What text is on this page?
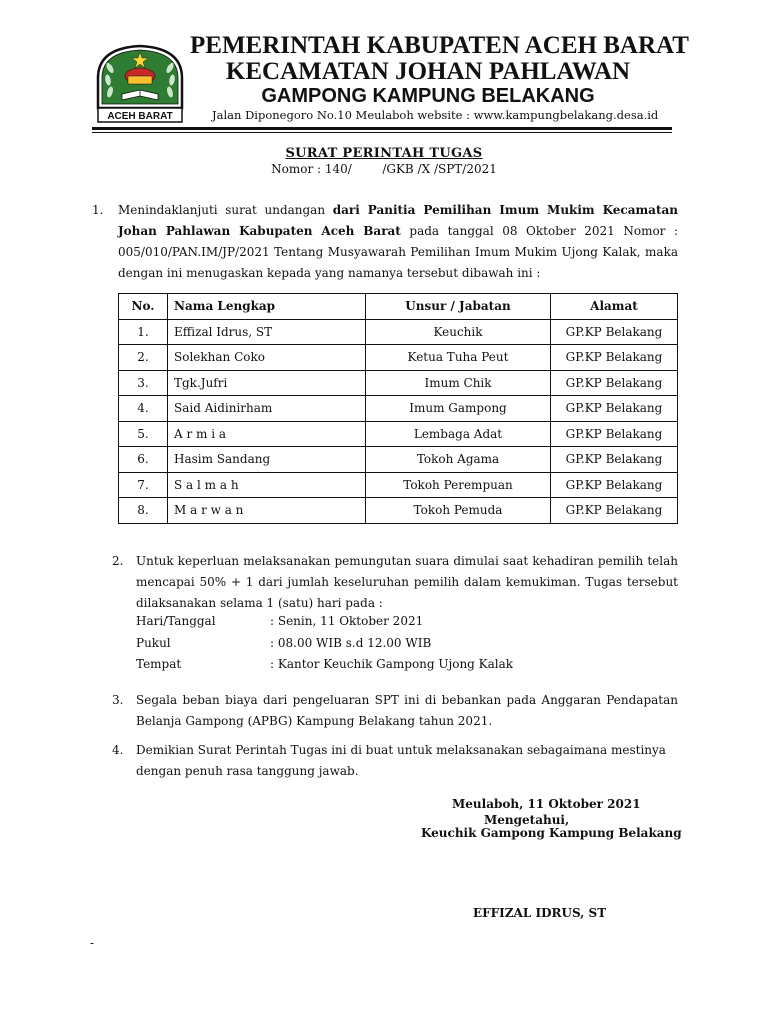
ACEH BARAT
PEMERINTAH KABUPATEN ACEH BARAT
KECAMATAN JOHAN PAHLAWAN
GAMPONG KAMPUNG BELAKANG
Jalan Diponegoro No.10 Meulaboh website : www.kampungbelakang.desa.id
SURAT PERINTAH TUGAS
Nomor : 140/        /GKB /X /SPT/2021
1. Menindaklanjuti surat undangan dari Panitia Pemilihan Imum Mukim Kecamatan Johan Pahlawan Kabupaten Aceh Barat pada tanggal 08 Oktober 2021 Nomor : 005/010/PAN.IM/JP/2021 Tentang Musyawarah Pemilihan Imum Mukim Ujong Kalak, maka dengan ini menugaskan kepada yang namanya tersebut dibawah ini :
No.	Nama Lengkap	Unsur / Jabatan	Alamat
1.	Effizal Idrus, ST	Keuchik	GP.KP Belakang
2.	Solekhan Coko	Ketua Tuha Peut	GP.KP Belakang
3.	Tgk.Jufri	Imum Chik	GP.KP Belakang
4.	Said Aidinirham	Imum Gampong	GP.KP Belakang
5.	A r m i a	Lembaga Adat	GP.KP Belakang
6.	Hasim Sandang	Tokoh Agama	GP.KP Belakang
7.	S a l m a h	Tokoh Perempuan	GP.KP Belakang
8.	M a r w a n	Tokoh Pemuda	GP.KP Belakang
2. Untuk keperluan melaksanakan pemungutan suara dimulai saat kehadiran pemilih telah mencapai 50% + 1 dari jumlah keseluruhan pemilih dalam kemukiman. Tugas tersebut dilaksanakan selama 1 (satu) hari pada :
Hari/Tanggal	: Senin, 11 Oktober 2021
Pukul	: 08.00 WIB s.d 12.00 WIB
Tempat	: Kantor Keuchik Gampong Ujong Kalak
3. Segala beban biaya dari pengeluaran SPT ini di bebankan pada Anggaran Pendapatan Belanja Gampong (APBG) Kampung Belakang tahun 2021.
4. Demikian Surat Perintah Tugas ini di buat untuk melaksanakan sebagaimana mestinya dengan penuh rasa tanggung jawab.
Meulaboh, 11 Oktober 2021
Mengetahui,
Keuchik Gampong Kampung Belakang
EFFIZAL IDRUS, ST
-
